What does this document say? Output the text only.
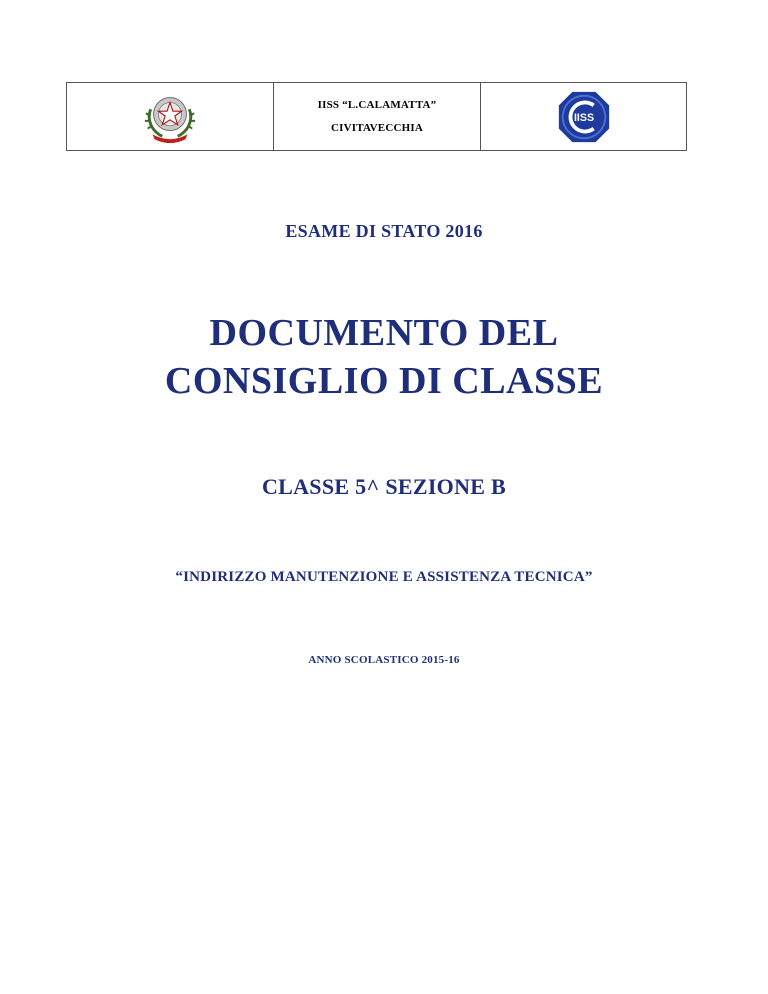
IISS “L.CALAMATTA”
CIVITAVECCHIA
IISS
ESAME DI STATO 2016
DOCUMENTO DEL
CONSIGLIO DI CLASSE
CLASSE 5^ SEZIONE B
“INDIRIZZO MANUTENZIONE E ASSISTENZA TECNICA”
ANNO SCOLASTICO 2015-16
